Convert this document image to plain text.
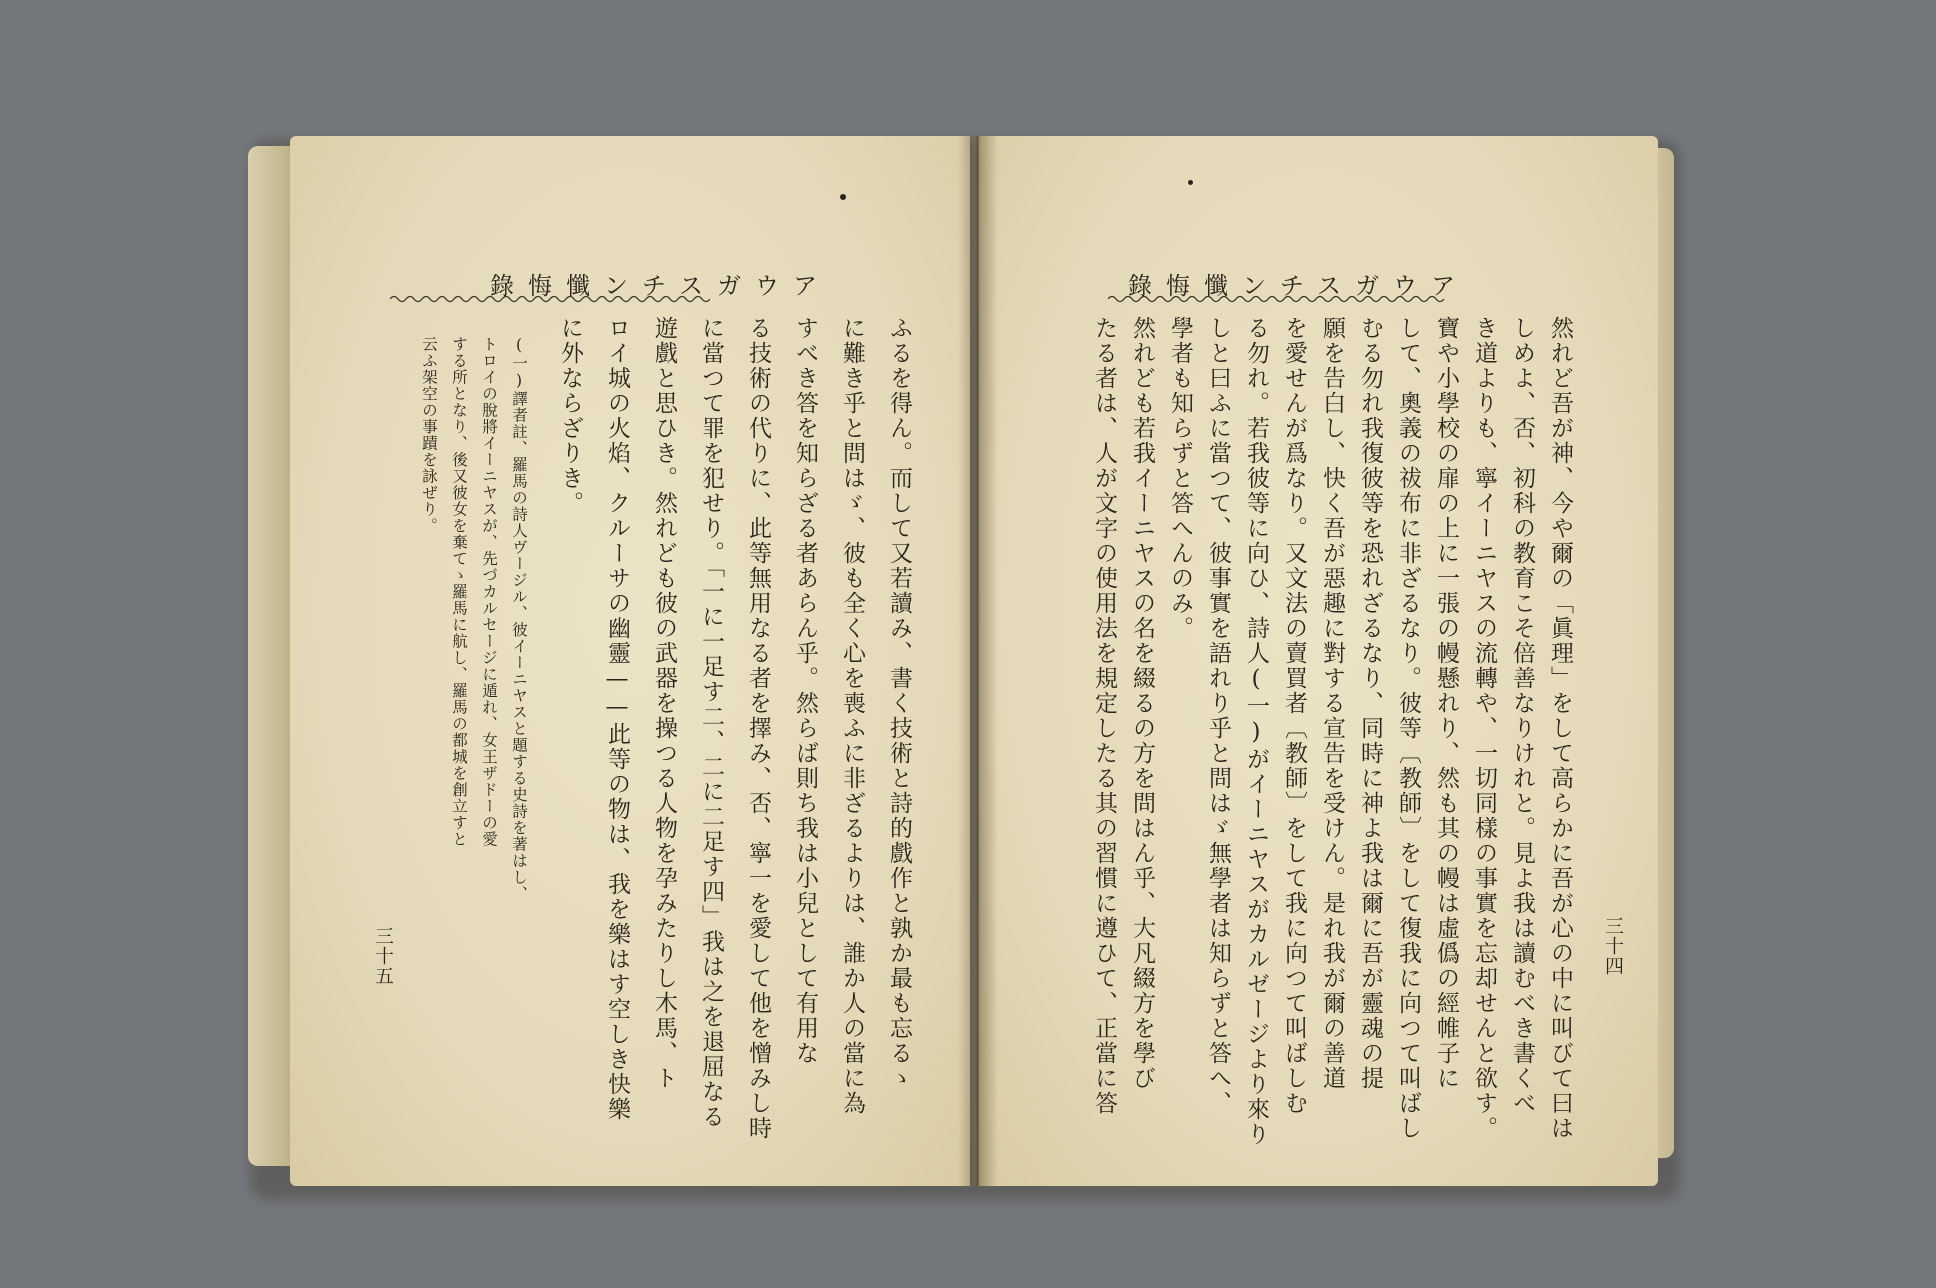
錄悔懺ンチスガウア
ふるを得ん。而して又若讀み、書く技術と詩的戲作と孰か最も忘るゝ
に難き乎と問はゞ、彼も全く心を喪ふに非ざるよりは、誰か人の當に為
すべき答を知らざる者あらん乎。然らば則ち我は小兒として有用な
る技術の代りに、此等無用なる者を擇み、否、寧一を愛して他を憎みし時
に當つて罪を犯せり。「一に一足す二、二に二足す四」我は之を退屈なる
遊戲と思ひき。然れども彼の武器を操つる人物を孕みたりし木馬、ト
ロイ城の火焰、クルーサの幽靈——此等の物は、我を樂はす空しき快樂
に外ならざりき。
(一)譯者註、羅馬の詩人ヴージル、彼イーニヤスと題する史詩を著はし、
トロイの脫將イーニヤスが、先づカルセージに遁れ、女王ザドーの愛
する所となり、後又彼女を棄てゝ羅馬に航し、羅馬の都城を創立すと
云ふ架空の事蹟を詠ぜり。
三十五
錄悔懺ンチスガウア
然れど吾が神、今や爾の「眞理」をして高らかに吾が心の中に叫びて曰は
しめよ、否、初科の教育こそ倍善なりけれと。見よ我は讀むべき書くべ
き道よりも、寧イーニヤスの流轉や、一切同樣の事實を忘却せんと欲す。
寶や小學校の扉の上に一張の幔懸れり、然も其の幔は虛僞の經帷子に
して、奧義の祓布に非ざるなり。彼等〔教師〕をして復我に向つて叫ばし
むる勿れ我復彼等を恐れざるなり、同時に神よ我は爾に吾が靈魂の提
願を告白し、快く吾が惡趣に對する宣告を受けん。是れ我が爾の善道
を愛せんが爲なり。又文法の賣買者〔教師〕をして我に向つて叫ばしむ
る勿れ。若我彼等に向ひ、詩人(一)がイーニヤスがカルゼージより來り
しと曰ふに當つて、彼事實を語れり乎と問はゞ無學者は知らずと答へ、
學者も知らずと答へんのみ。
然れども若我イーニヤスの名を綴るの方を問はん乎、大凡綴方を學び
たる者は、人が文字の使用法を規定したる其の習慣に遵ひて、正當に答	三十四
